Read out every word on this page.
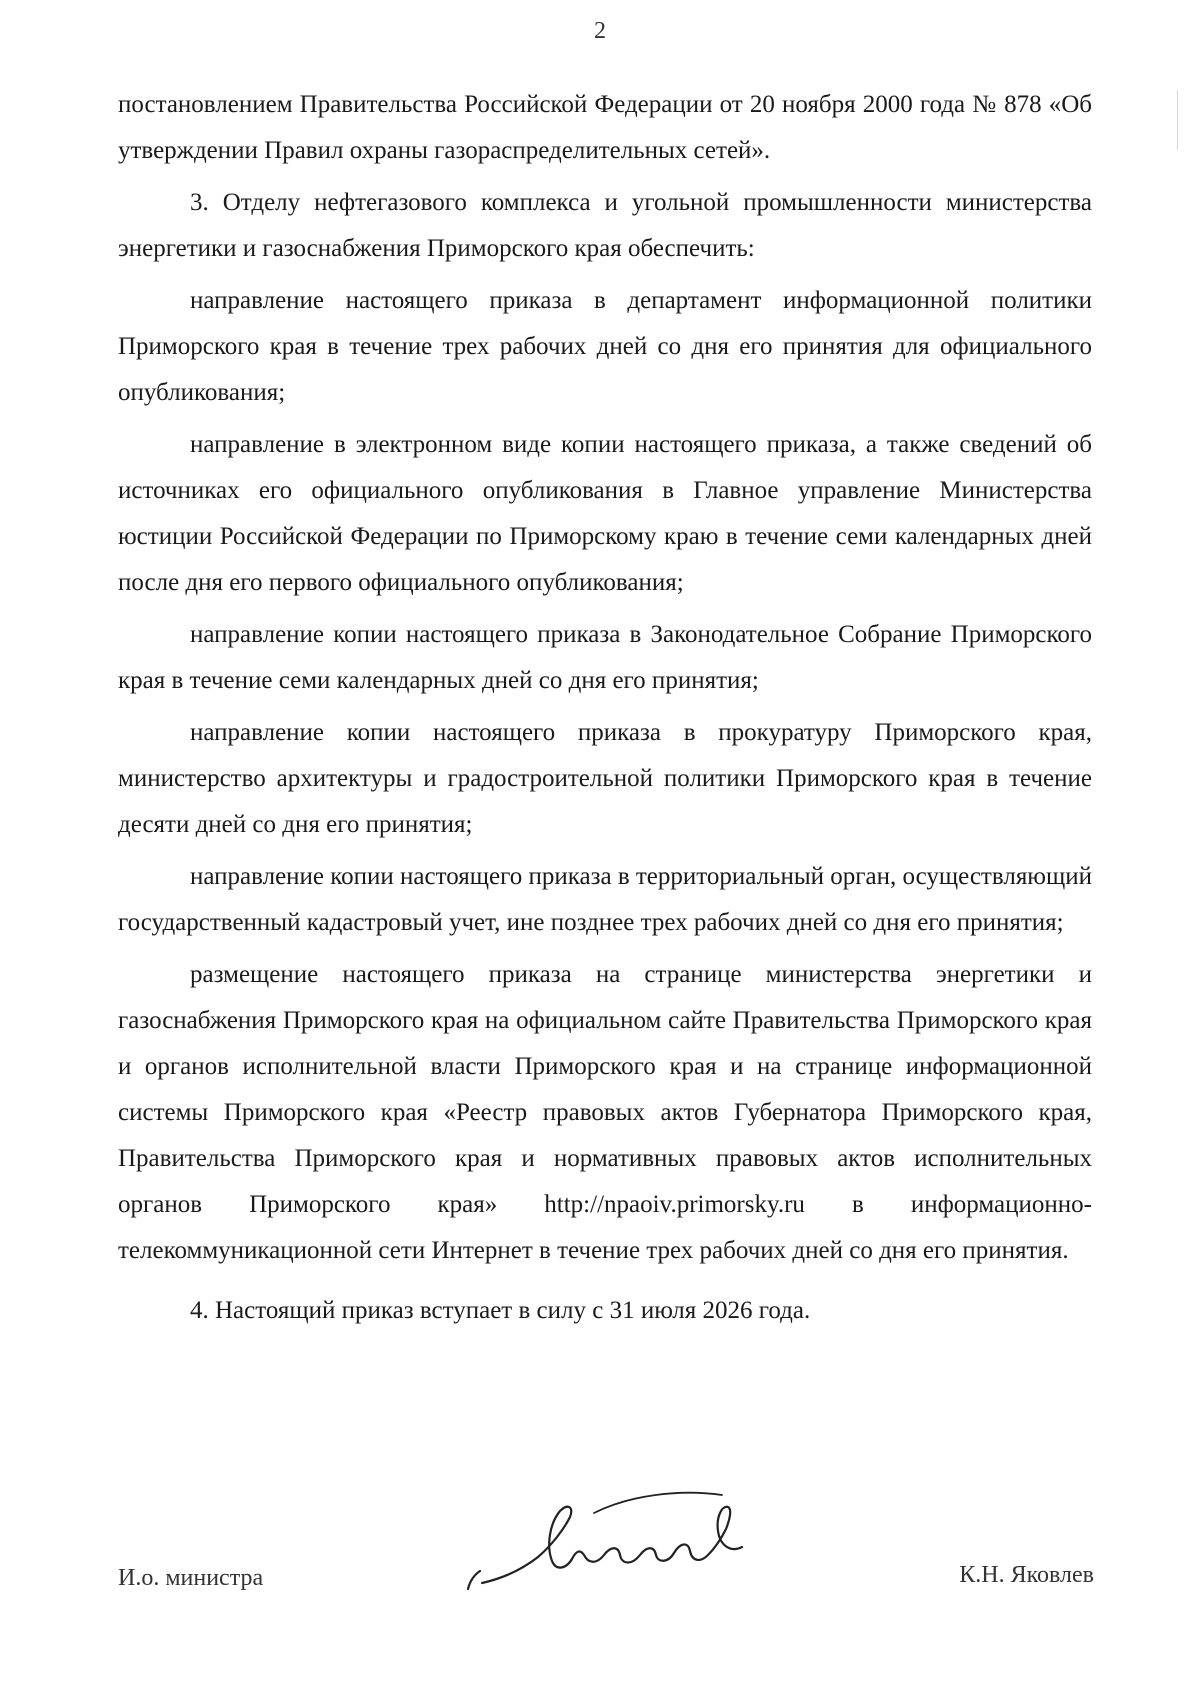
2

постановлением Правительства Российской Федерации от 20 ноября 2000 года № 878 «Об утверждении Правил охраны газораспределительных сетей».

3. Отделу нефтегазового комплекса и угольной промышленности министерства энергетики и газоснабжения Приморского края обеспечить:

направление настоящего приказа в департамент информационной политики Приморского края в течение трех рабочих дней со дня его принятия для официального опубликования;

направление в электронном виде копии настоящего приказа, а также сведений об источниках его официального опубликования в Главное управление Министерства юстиции Российской Федерации по Приморскому краю в течение семи календарных дней после дня его первого официального опубликования;

направление копии настоящего приказа в Законодательное Собрание Приморского края в течение семи календарных дней со дня его принятия;

направление копии настоящего приказа в прокуратуру Приморского края, министерство архитектуры и градостроительной политики Приморского края в течение десяти дней со дня его принятия;

направление копии настоящего приказа в территориальный орган, осуществляющий государственный кадастровый учет, ине позднее трех рабочих дней со дня его принятия;

размещение настоящего приказа на странице министерства энергетики и газоснабжения Приморского края на официальном сайте Правительства Приморского края и органов исполнительной власти Приморского края и на странице информационной системы Приморского края «Реестр правовых актов Губернатора Приморского края, Правительства Приморского края и нормативных правовых актов исполнительных органов Приморского края» http://npaoiv.primorsky.ru в информационно-телекоммуникационной сети Интернет в течение трех рабочих дней со дня его принятия.

4. Настоящий приказ вступает в силу с 31 июля 2026 года.

И.о. министра	К.Н. Яковлев
